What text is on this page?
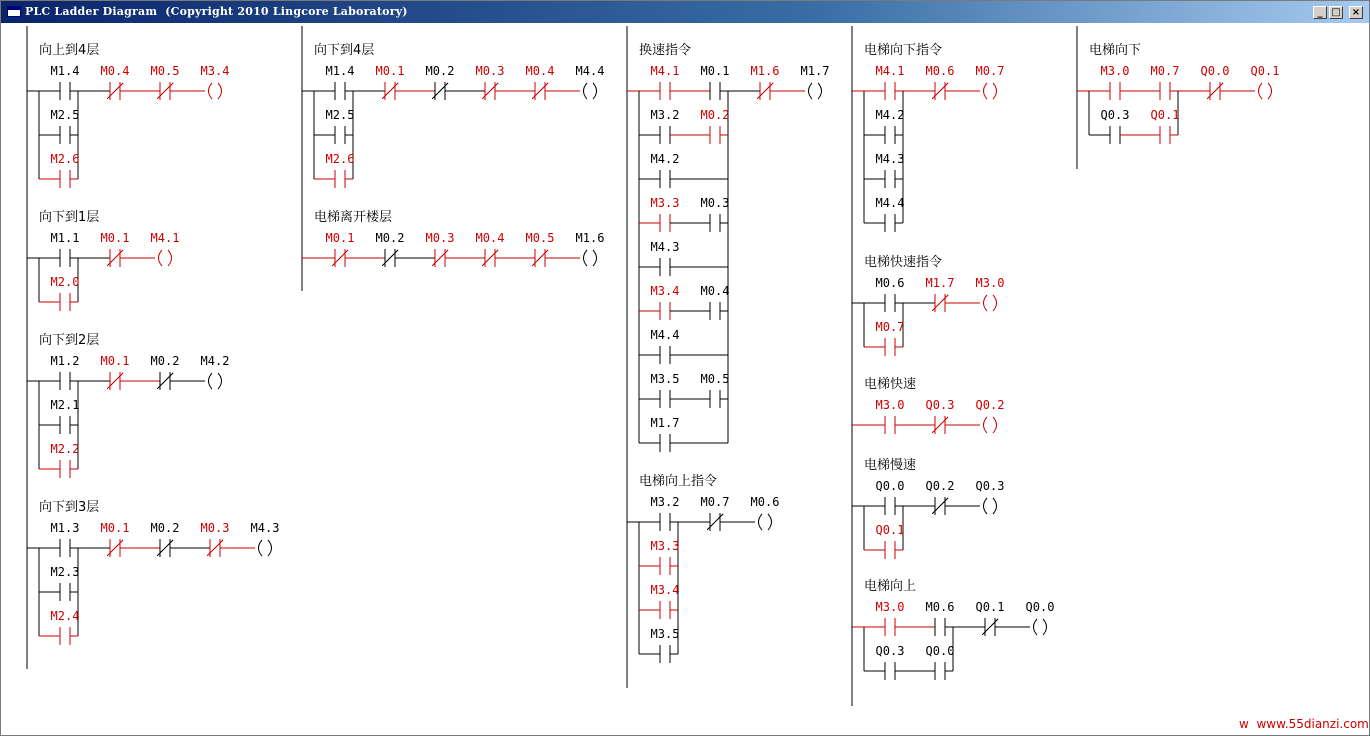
PLC Ladder Diagram  (Copyright 2010 Lingcore Laboratory)	_ □ ×
向上到4层
M1.4 M0.4 M0.5 M3.4
M2.5
M2.6
向下到1层
M1.1 M0.1 M4.1
M2.0
向下到2层
M1.2 M0.1 M0.2 M4.2
M2.1
M2.2
向下到3层
M1.3 M0.1 M0.2 M0.3 M4.3
M2.3
M2.4
向下到4层
M1.4 M0.1 M0.2 M0.3 M0.4 M4.4
M2.5
M2.6
电梯离开楼层
M0.1 M0.2 M0.3 M0.4 M0.5 M1.6
换速指令
M4.1 M0.1 M1.6 M1.7
M3.2 M0.2
M4.2
M3.3 M0.3
M4.3
M3.4 M0.4
M4.4
M3.5 M0.5
M1.7
电梯向上指令
M3.2 M0.7 M0.6
M3.3
M3.4
M3.5
电梯向下指令
M4.1 M0.6 M0.7
M4.2
M4.3
M4.4
电梯快速指令
M0.6 M1.7 M3.0
M0.7
电梯快速
M3.0 Q0.3 Q0.2
电梯慢速
Q0.0 Q0.2 Q0.3
Q0.1
电梯向上
M3.0 M0.6 Q0.1 Q0.0
Q0.3 Q0.0
电梯向下
M3.0 M0.7 Q0.0 Q0.1
Q0.3 Q0.1
w  www.55dianzi.com
